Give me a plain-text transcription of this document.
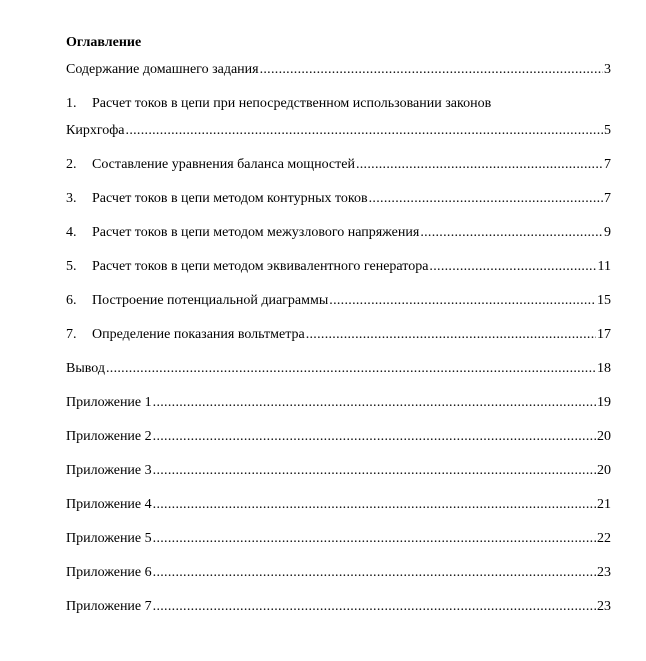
Оглавление
Содержание домашнего задания .....	3
1.	Расчет токов в цепи при непосредственном использовании законов
Кирхгофа .....	5
2.	Составление уравнения баланса мощностей .....	7
3.	Расчет токов в цепи методом контурных токов .....	7
4.	Расчет токов в цепи методом межузлового напряжения .....	9
5.	Расчет токов в цепи методом эквивалентного генератора .....	11
6.	Построение потенциальной диаграммы .....	15
7.	Определение показания вольтметра .....	17
Вывод .....	18
Приложение 1 .....	19
Приложение 2 .....	20
Приложение 3 .....	20
Приложение 4 .....	21
Приложение 5 .....	22
Приложение 6 .....	23
Приложение 7 .....	23
